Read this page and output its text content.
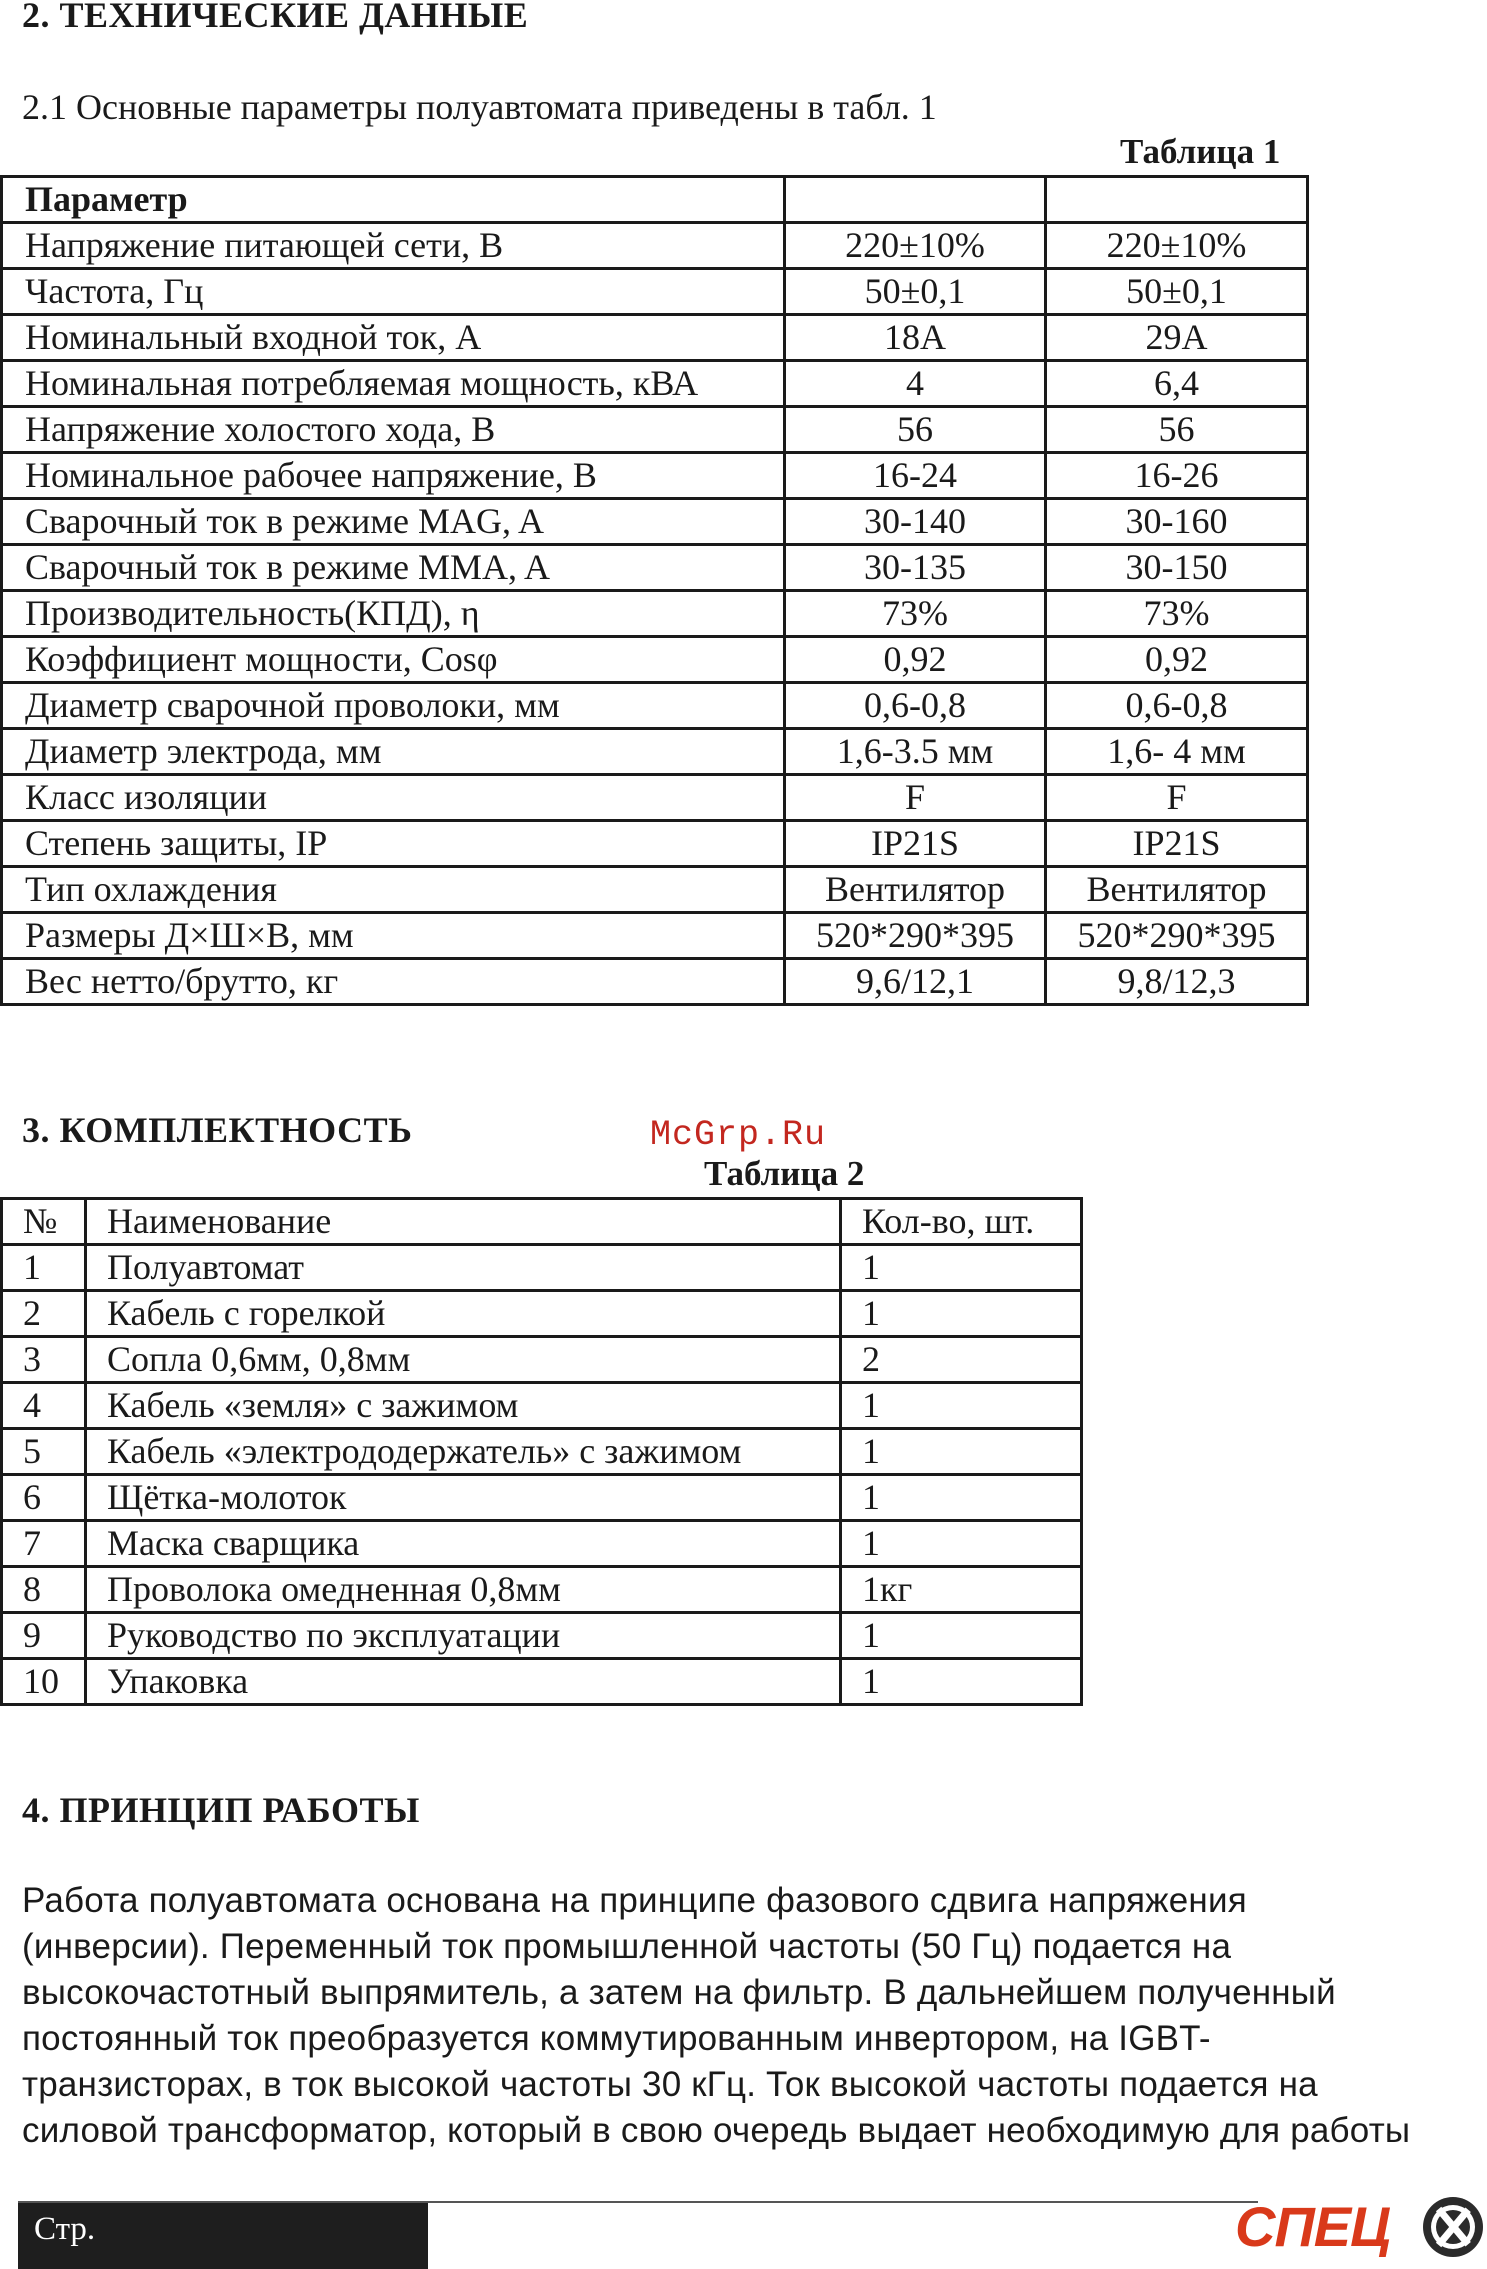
2. ТЕХНИЧЕСКИЕ ДАННЫЕ
2.1 Основные параметры полуавтомата приведены в табл. 1
Таблица 1
Параметр		
Напряжение питающей сети, В	220±10%	220±10%
Частота, Гц	50±0,1	50±0,1
Номинальный входной ток, А	18А	29А
Номинальная потребляемая мощность, кВА	4	6,4
Напряжение холостого хода, В	56	56
Номинальное рабочее напряжение, В	16-24	16-26
Сварочный ток в режиме MAG, A	30-140	30-160
Сварочный ток в режиме MMA, A	30-135	30-150
Производительность(КПД), η	73%	73%
Коэффициент мощности, Cosφ	0,92	0,92
Диаметр сварочной проволоки, мм	0,6-0,8	0,6-0,8
Диаметр электрода, мм	1,6-3.5 мм	1,6- 4 мм
Класс изоляции	F	F
Степень защиты, IP	IP21S	IP21S
Тип охлаждения	Вентилятор	Вентилятор
Размеры Д×Ш×В, мм	520*290*395	520*290*395
Вес нетто/брутто, кг	9,6/12,1	9,8/12,3
McGrp.Ru
3. КОМПЛЕКТНОСТЬ
Таблица 2
№	Наименование	Кол-во, шт.
1	Полуавтомат	1
2	Кабель с горелкой	1
3	Сопла 0,6мм, 0,8мм	2
4	Кабель «земля» с зажимом	1
5	Кабель «электрододержатель» с зажимом	1
6	Щётка-молоток	1
7	Маска сварщика	1
8	Проволока омедненная 0,8мм	1кг
9	Руководство по эксплуатации	1
10	Упаковка	1
4. ПРИНЦИП РАБОТЫ

Работа полуавтомата основана на принципе фазового сдвига напряжения

(инверсии). Переменный ток промышленной частоты (50 Гц) подается на

высокочастотный выпрямитель, а затем на фильтр. В дальнейшем полученный

постоянный ток преобразуется коммутированным инвертором, на IGBT-

транзисторах, в ток высокой частоты 30 кГц. Ток высокой частоты подается на

силовой трансформатор, который в свою очередь выдает необходимую для работы

Стр.	СПЕЦ
